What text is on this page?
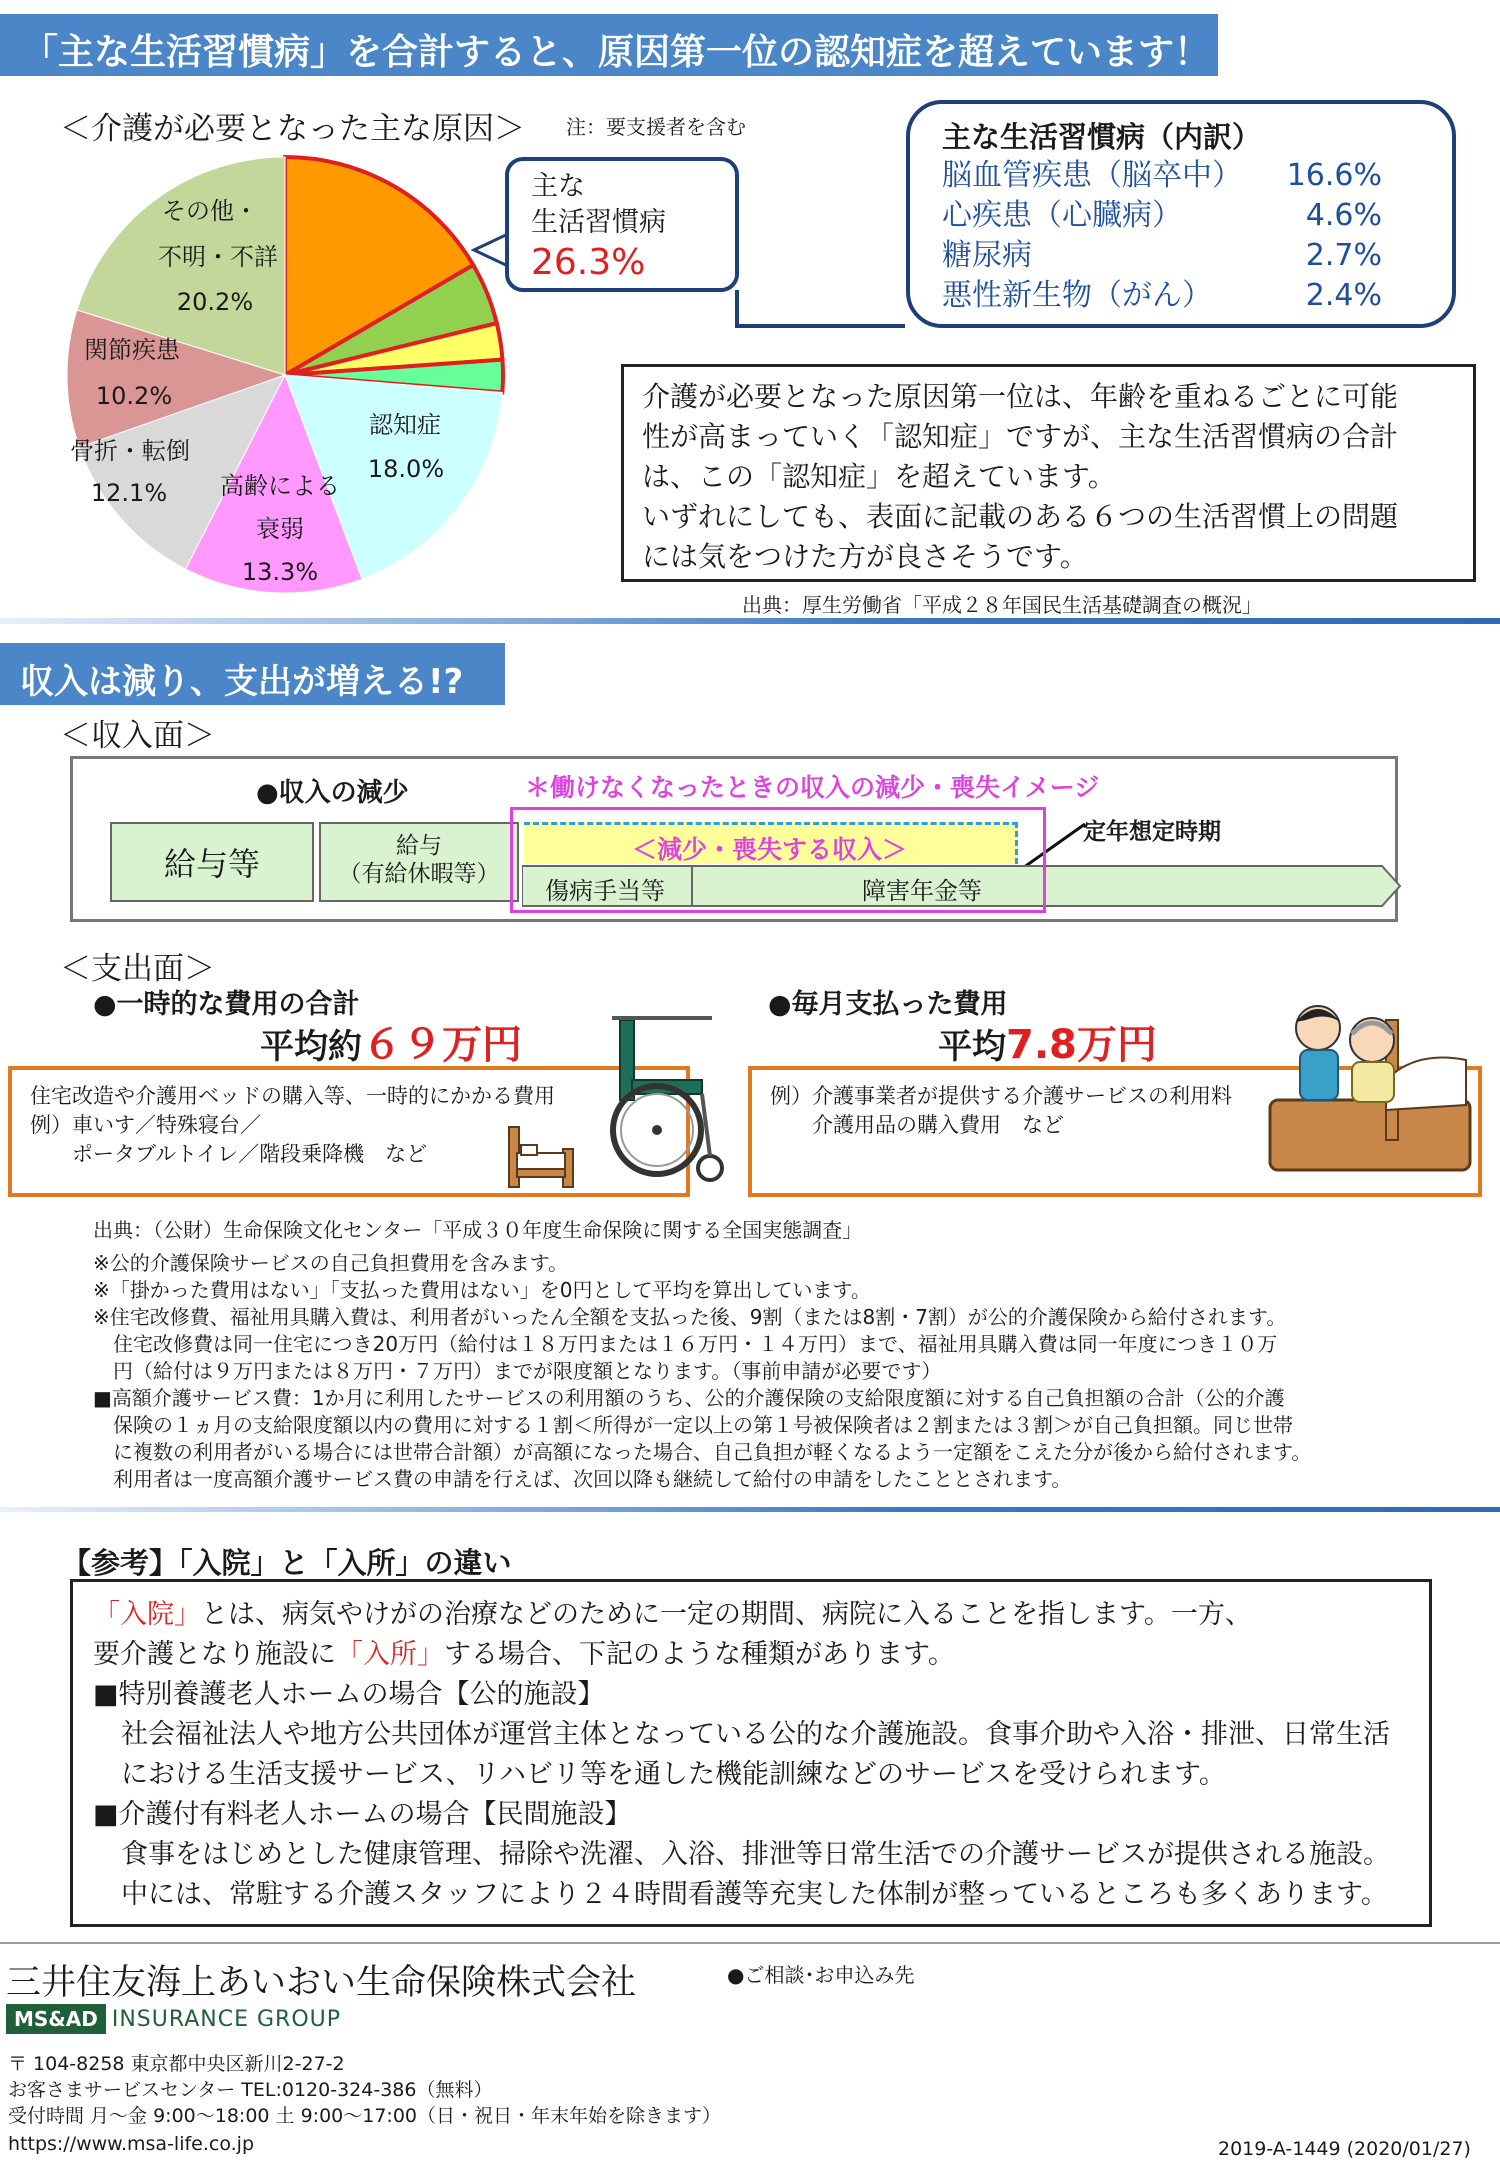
「主な生活習慣病」を合計すると、原因第一位の認知症を超えています！
＜介護が必要となった主な原因＞ 注：要支援者を含む
その他・
不明・不詳
20.2%
関節疾患
10.2%
骨折・転倒
12.1% 高齢による
衰弱
13.3%
認知症
18.0%
主な
生活習慣病
26.3%
主な生活習慣病（内訳）
脳血管疾患（脳卒中）	16.6%
心疾患（心臓病）	4.6%
糖尿病	2.7%
悪性新生物（がん）	2.4%
介護が必要となった原因第一位は、年齢を重ねるごとに可能
性が高まっていく「認知症」ですが、主な生活習慣病の合計
は、この「認知症」を超えています。
いずれにしても、表面に記載のある６つの生活習慣上の問題
には気をつけた方が良さそうです。
出典：厚生労働省「平成２８年国民生活基礎調査の概況」
収入は減り、支出が増える!?
＜収入面＞
●収入の減少	＊働けなくなったときの収入の減少・喪失イメージ
定年想定時期
給与等	給与
（有給休暇等）
傷病手当等	障害年金等
＜減少・喪失する収入＞
＜支出面＞
●一時的な費用の合計
平均約６９万円
住宅改造や介護用ベッドの購入等、一時的にかかる費用
例）車いす／特殊寝台／
　　ポータブルトイレ／階段乗降機　など
●毎月支払った費用
平均7.8万円
例）介護事業者が提供する介護サービスの利用料
　　介護用品の購入費用　など
出典：（公財）生命保険文化センター「平成３０年度生命保険に関する全国実態調査」
※公的介護保険サービスの自己負担費用を含みます。
※「掛かった費用はない」「支払った費用はない」を0円として平均を算出しています。
※住宅改修費、福祉用具購入費は、利用者がいったん全額を支払った後、9割（または8割・7割）が公的介護保険から給付されます。
　住宅改修費は同一住宅につき20万円（給付は１８万円または１６万円・１４万円）まで、福祉用具購入費は同一年度につき１０万
　円（給付は９万円または８万円・７万円）までが限度額となります。（事前申請が必要です）
■高額介護サービス費：1か月に利用したサービスの利用額のうち、公的介護保険の支給限度額に対する自己負担額の合計（公的介護
　保険の１ヵ月の支給限度額以内の費用に対する１割＜所得が一定以上の第１号被保険者は２割または３割＞が自己負担額。同じ世帯
　に複数の利用者がいる場合には世帯合計額）が高額になった場合、自己負担が軽くなるよう一定額をこえた分が後から給付されます。
　利用者は一度高額介護サービス費の申請を行えば、次回以降も継続して給付の申請をしたこととされます。
【参考】「入院」と「入所」の違い
「入院」とは、病気やけがの治療などのために一定の期間、病院に入ることを指します。一方、
要介護となり施設に「入所」する場合、下記のような種類があります。
■特別養護老人ホームの場合【公的施設】
社会福祉法人や地方公共団体が運営主体となっている公的な介護施設。食事介助や入浴・排泄、日常生活
における生活支援サービス、リハビリ等を通した機能訓練などのサービスを受けられます。
■介護付有料老人ホームの場合【民間施設】
食事をはじめとした健康管理、掃除や洗濯、入浴、排泄等日常生活での介護サービスが提供される施設。
中には、常駐する介護スタッフにより２４時間看護等充実した体制が整っているところも多くあります。
三井住友海上あいおい生命保険株式会社	●ご相談･お申込み先
MS&AD INSURANCE GROUP
〒 104-8258 東京都中央区新川2-27-2
お客さまサービスセンター TEL:0120-324-386（無料）
受付時間 月～金 9:00～18:00 土 9:00～17:00（日・祝日・年末年始を除きます）
https://www.msa-life.co.jp	2019-A-1449 (2020/01/27)
